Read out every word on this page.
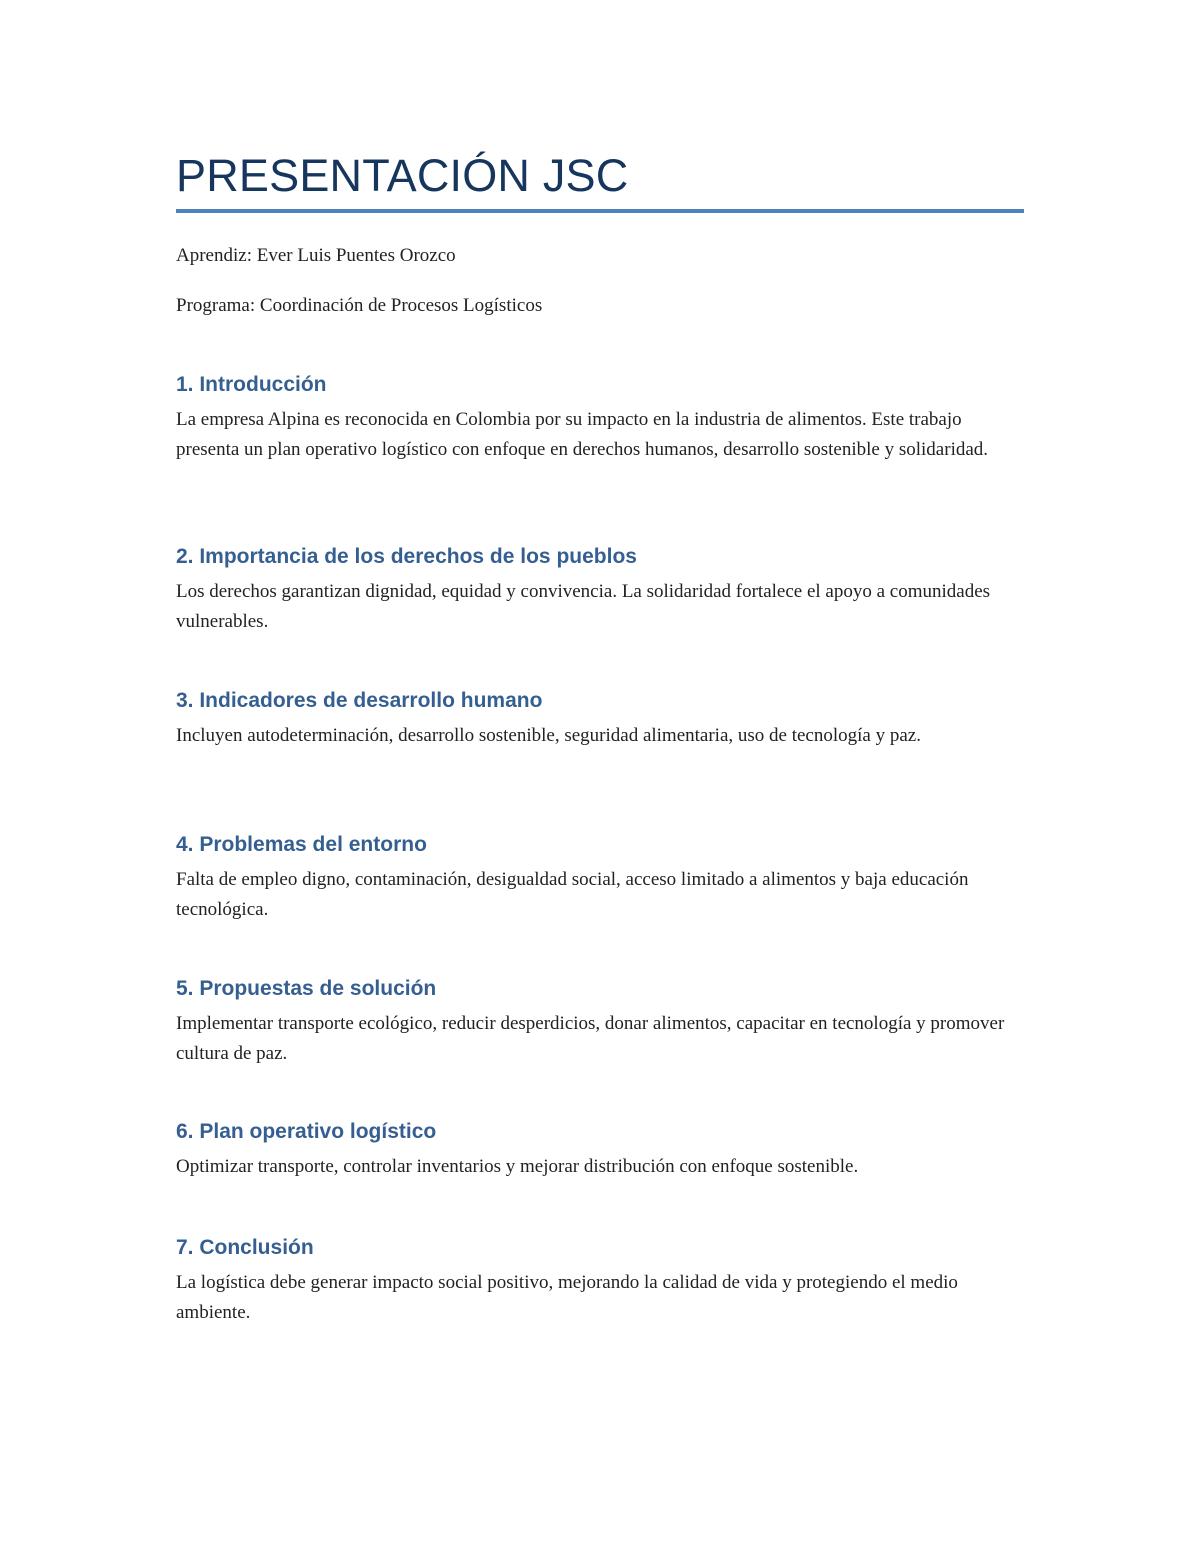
PRESENTACIÓN JSC

Aprendiz: Ever Luis Puentes Orozco

Programa: Coordinación de Procesos Logísticos

1. Introducción

La empresa Alpina es reconocida en Colombia por su impacto en la industria de alimentos. Este trabajo presenta un plan operativo logístico con enfoque en derechos humanos, desarrollo sostenible y solidaridad.

2. Importancia de los derechos de los pueblos

Los derechos garantizan dignidad, equidad y convivencia. La solidaridad fortalece el apoyo a comunidades vulnerables.

3. Indicadores de desarrollo humano

Incluyen autodeterminación, desarrollo sostenible, seguridad alimentaria, uso de tecnología y paz.

4. Problemas del entorno

Falta de empleo digno, contaminación, desigualdad social, acceso limitado a alimentos y baja educación tecnológica.

5. Propuestas de solución

Implementar transporte ecológico, reducir desperdicios, donar alimentos, capacitar en tecnología y promover cultura de paz.

6. Plan operativo logístico

Optimizar transporte, controlar inventarios y mejorar distribución con enfoque sostenible.

7. Conclusión

La logística debe generar impacto social positivo, mejorando la calidad de vida y protegiendo el medio ambiente.
